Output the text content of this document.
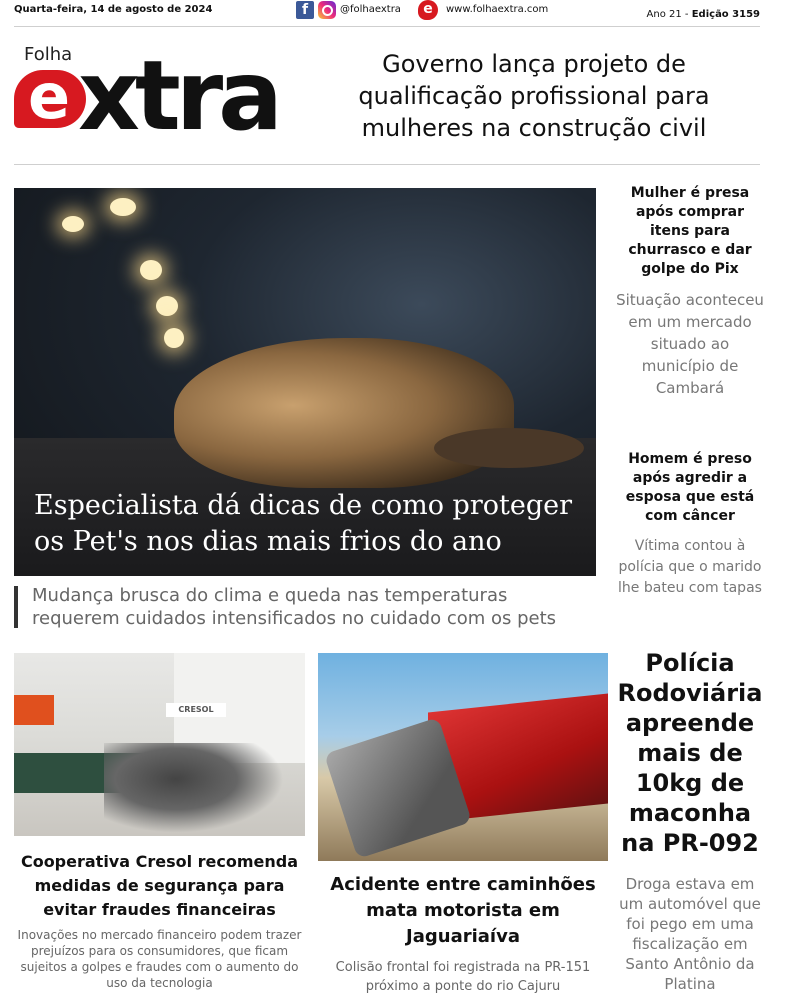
Quarta-feira, 14 de agosto de 2024	f	@folhaextra	e	www.folhaextra.com	Ano 21 - Edição 3159
Folha
e xtra	Governo lança projeto de qualificação profissional para mulheres na construção civil
Especialista dá dicas de como proteger os Pet's nos dias mais frios do ano
Mudança brusca do clima e queda nas temperaturas requerem cuidados intensificados no cuidado com os pets
Mulher é presa após comprar itens para churrasco e dar golpe do Pix
Situação aconteceu em um mercado situado ao município de Cambará
Homem é preso após agredir a esposa que está com câncer
Vítima contou à polícia que o marido lhe bateu com tapas
CRESOL
Cooperativa Cresol recomenda medidas de segurança para evitar fraudes financeiras
Inovações no mercado financeiro podem trazer prejuízos para os consumidores, que ficam sujeitos a golpes e fraudes com o aumento do uso da tecnologia
Acidente entre caminhões mata motorista em Jaguariaíva
Colisão frontal foi registrada na PR-151 próximo a ponte do rio Cajuru
Polícia Rodoviária apreende mais de 10kg de maconha na PR-092
Droga estava em um automóvel que foi pego em uma fiscalização em Santo Antônio da Platina
